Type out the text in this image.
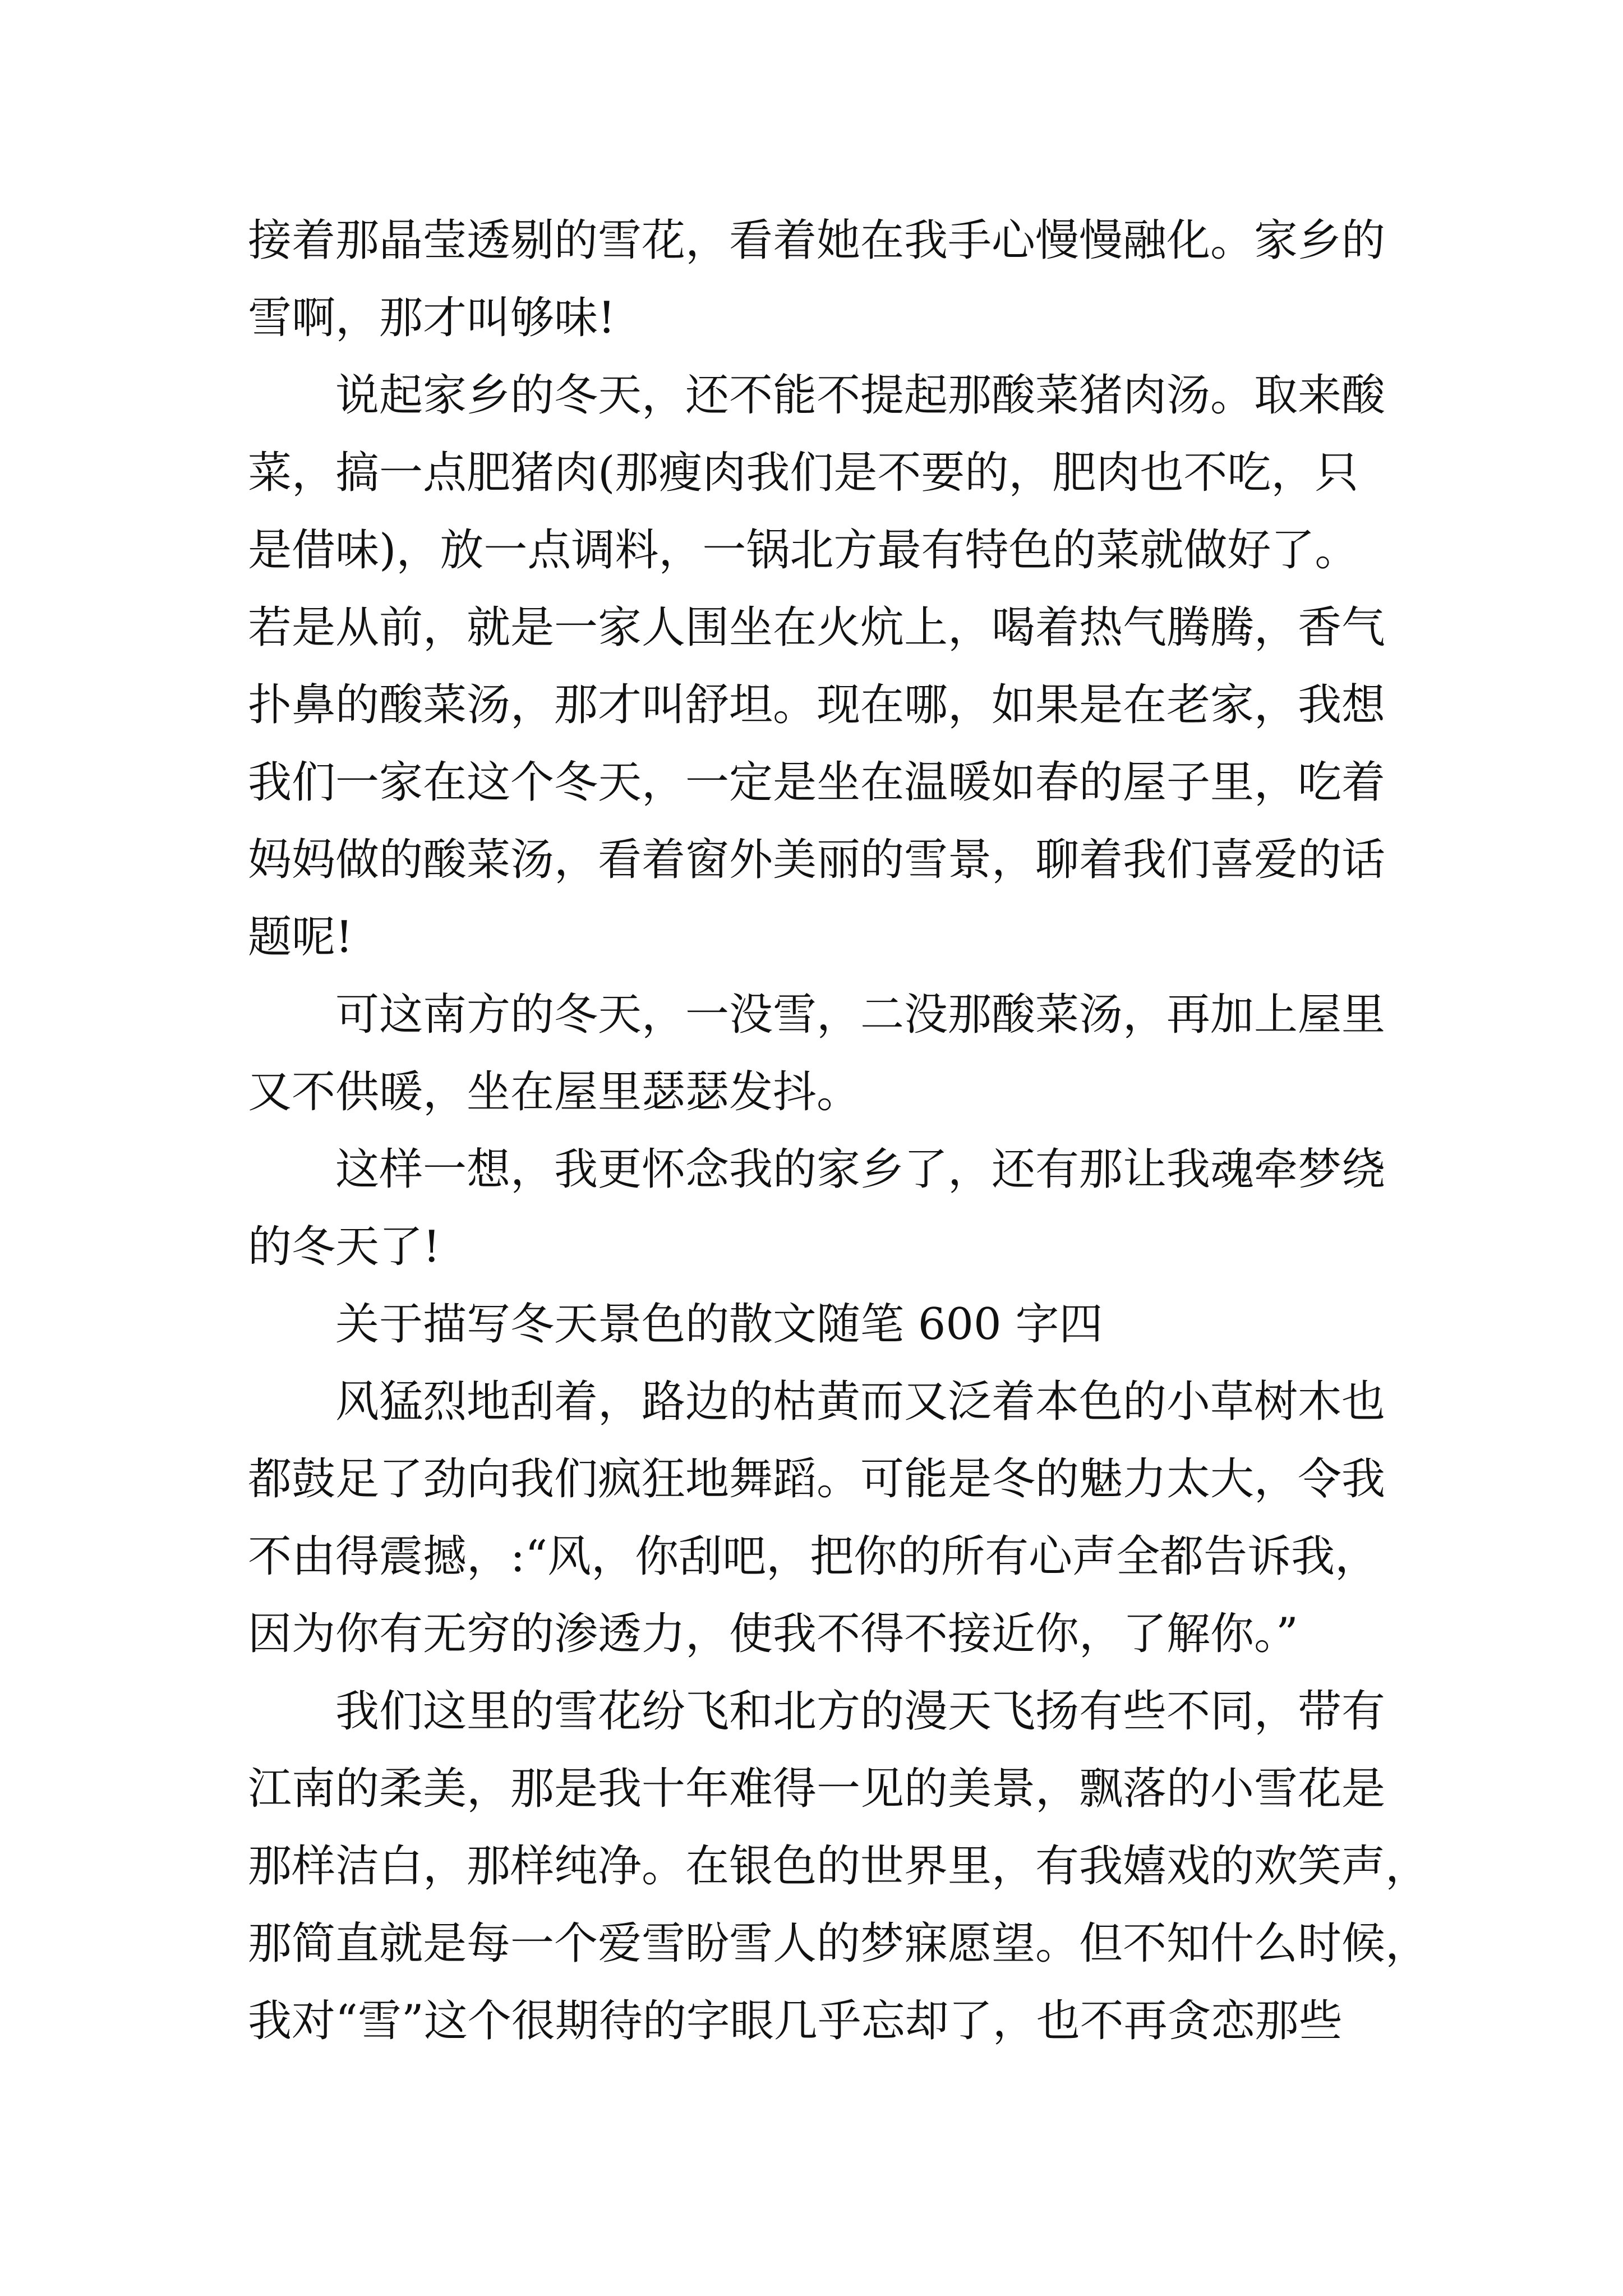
接着那晶莹透剔的雪花，看着她在我手心慢慢融化。家乡的
雪啊，那才叫够味!
说起家乡的冬天，还不能不提起那酸菜猪肉汤。取来酸
菜，搞一点肥猪肉(那瘦肉我们是不要的，肥肉也不吃，只
是借味)，放一点调料，一锅北方最有特色的菜就做好了。
若是从前，就是一家人围坐在火炕上，喝着热气腾腾，香气
扑鼻的酸菜汤，那才叫舒坦。现在哪，如果是在老家，我想
我们一家在这个冬天，一定是坐在温暖如春的屋子里，吃着
妈妈做的酸菜汤，看着窗外美丽的雪景，聊着我们喜爱的话
题呢!
可这南方的冬天，一没雪，二没那酸菜汤，再加上屋里
又不供暖，坐在屋里瑟瑟发抖。
这样一想，我更怀念我的家乡了，还有那让我魂牵梦绕
的冬天了!
关于描写冬天景色的散文随笔 600 字四
风猛烈地刮着，路边的枯黄而又泛着本色的小草树木也
都鼓足了劲向我们疯狂地舞蹈。可能是冬的魅力太大，令我
不由得震撼，:“风，你刮吧，把你的所有心声全都告诉我，
因为你有无穷的渗透力，使我不得不接近你，了解你。”
我们这里的雪花纷飞和北方的漫天飞扬有些不同，带有
江南的柔美，那是我十年难得一见的美景，飘落的小雪花是
那样洁白，那样纯净。在银色的世界里，有我嬉戏的欢笑声，
那简直就是每一个爱雪盼雪人的梦寐愿望。但不知什么时候，
我对“雪”这个很期待的字眼几乎忘却了，也不再贪恋那些
